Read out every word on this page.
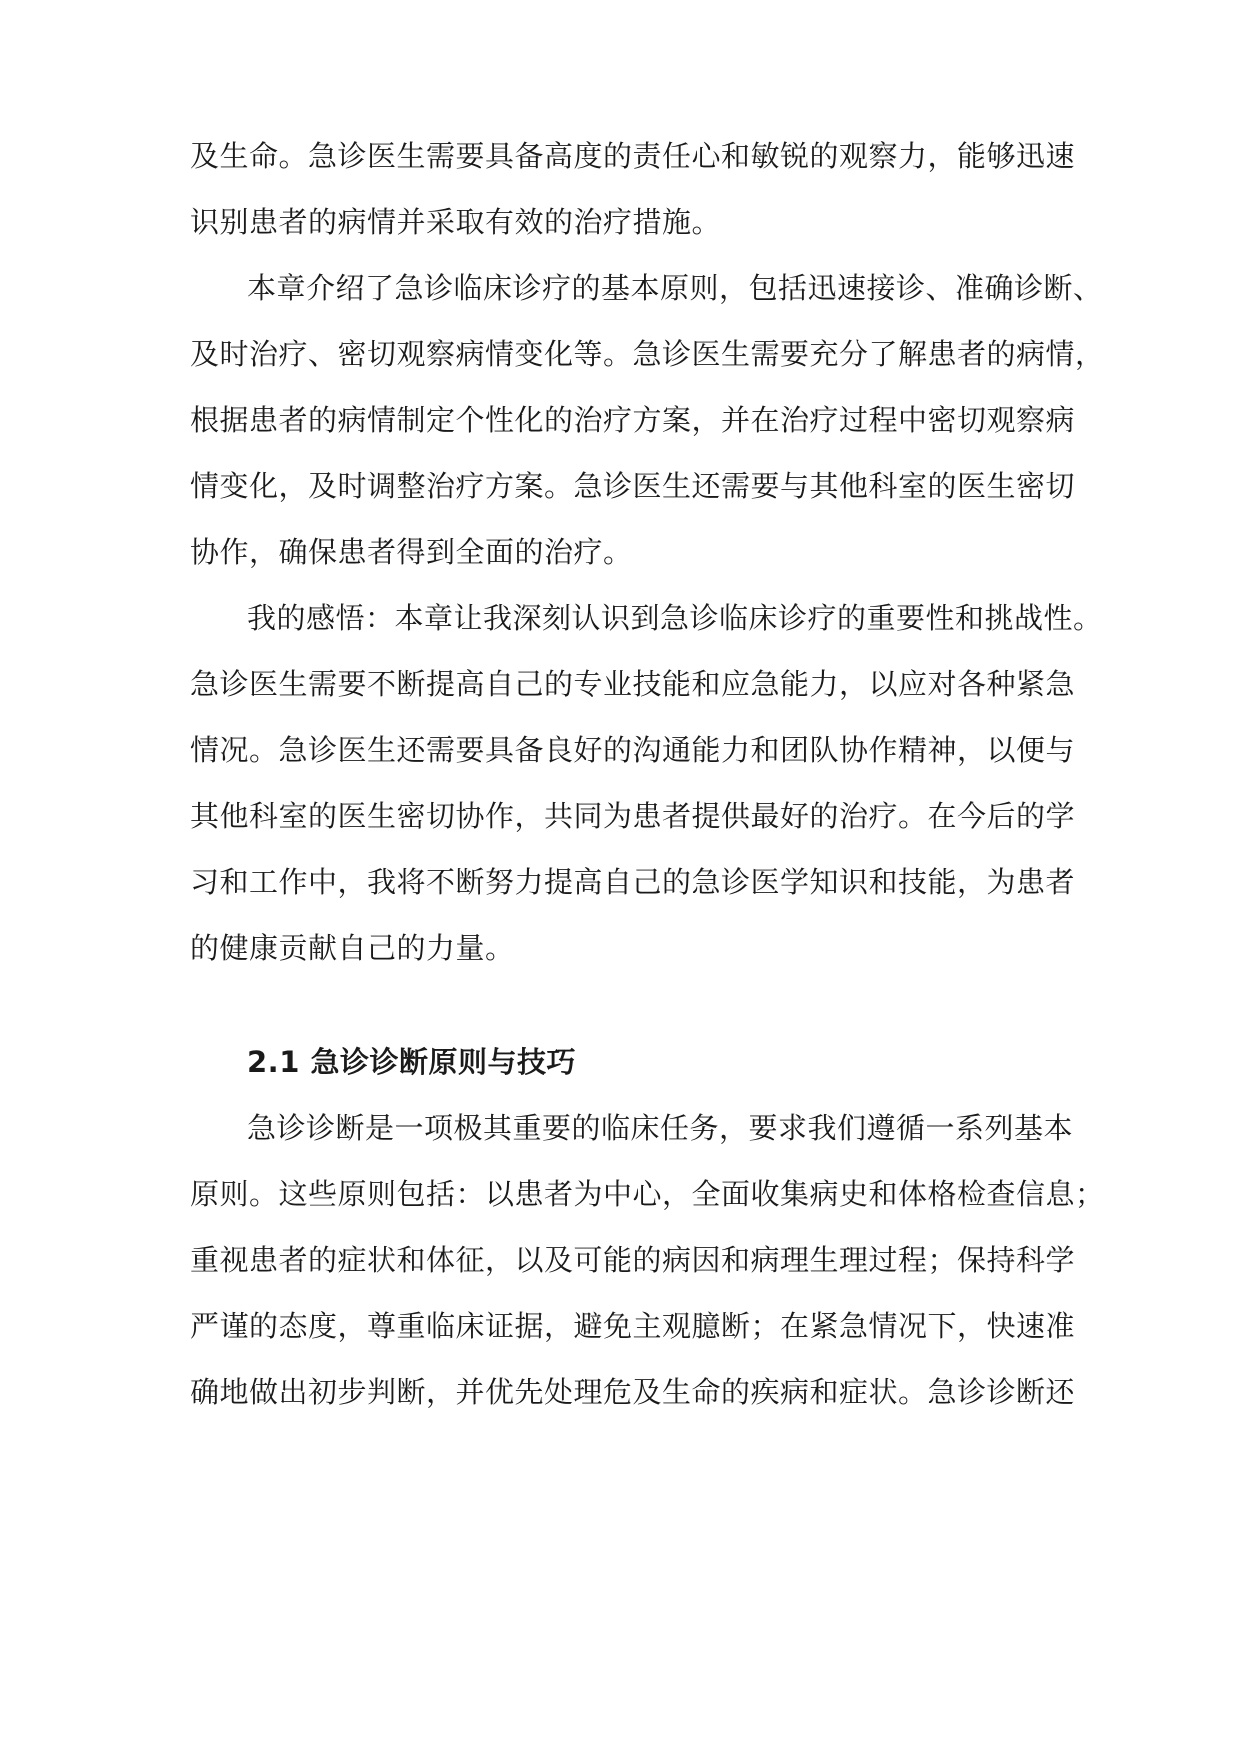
及生命。急诊医生需要具备高度的责任心和敏锐的观察力，能够迅速
识别患者的病情并采取有效的治疗措施。
本章介绍了急诊临床诊疗的基本原则，包括迅速接诊、准确诊断、
及时治疗、密切观察病情变化等。急诊医生需要充分了解患者的病情，
根据患者的病情制定个性化的治疗方案，并在治疗过程中密切观察病
情变化，及时调整治疗方案。急诊医生还需要与其他科室的医生密切
协作，确保患者得到全面的治疗。
我的感悟：本章让我深刻认识到急诊临床诊疗的重要性和挑战性。
急诊医生需要不断提高自己的专业技能和应急能力，以应对各种紧急
情况。急诊医生还需要具备良好的沟通能力和团队协作精神，以便与
其他科室的医生密切协作，共同为患者提供最好的治疗。在今后的学
习和工作中，我将不断努力提高自己的急诊医学知识和技能，为患者
的健康贡献自己的力量。
2.1 急诊诊断原则与技巧
急诊诊断是一项极其重要的临床任务，要求我们遵循一系列基本
原则。这些原则包括：以患者为中心，全面收集病史和体格检查信息；
重视患者的症状和体征，以及可能的病因和病理生理过程；保持科学
严谨的态度，尊重临床证据，避免主观臆断；在紧急情况下，快速准
确地做出初步判断，并优先处理危及生命的疾病和症状。急诊诊断还
